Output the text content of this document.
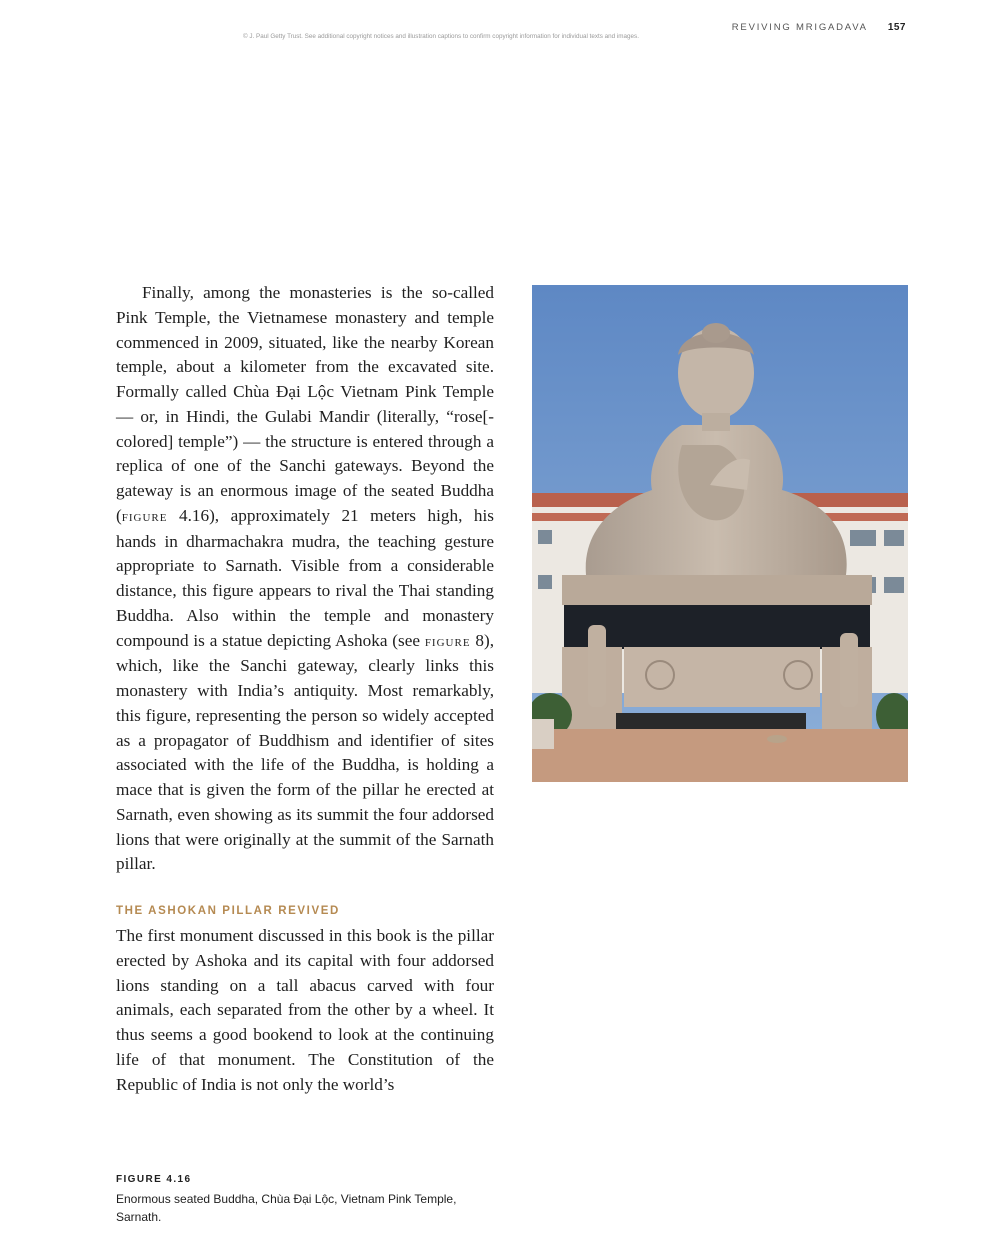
REVIVING MRIGADAVA 157
© J. Paul Getty Trust. See additional copyright notices and illustration captions to confirm copyright information for individual texts and images.

Finally, among the monasteries is the so-called Pink Temple, the Vietnamese monastery and temple commenced in 2009, situated, like the nearby Korean temple, about a kilometer from the excavated site. Formally called Chùa Đại Lộc Vietnam Pink Temple — or, in Hindi, the Gulabi Mandir (literally, “rose[-colored] temple”) — the structure is entered through a replica of one of the Sanchi gateways. Beyond the gateway is an enormous image of the seated Buddha (figure 4.16), approximately 21 meters high, his hands in dharmachakra mudra, the teaching gesture appropriate to Sarnath. Visible from a considerable distance, this figure appears to rival the Thai standing Buddha. Also within the temple and monastery compound is a statue depicting Ashoka (see figure 8), which, like the Sanchi gateway, clearly links this monastery with India’s antiquity. Most remarkably, this figure, representing the person so widely accepted as a propagator of Buddhism and identifier of sites associated with the life of the Buddha, is holding a mace that is given the form of the pillar he erected at Sarnath, even showing as its summit the four addorsed lions that were originally at the summit of the Sarnath pillar.

THE ASHOKAN PILLAR REVIVED

The first monument discussed in this book is the pillar erected by Ashoka and its capital with four addorsed lions standing on a tall abacus carved with four animals, each separated from the other by a wheel. It thus seems a good bookend to look at the continuing life of that monument. The Constitution of the Republic of India is not only the world’s

FIGURE 4.16
Enormous seated Buddha, Chùa Đại Lộc, Vietnam Pink Temple, Sarnath.
